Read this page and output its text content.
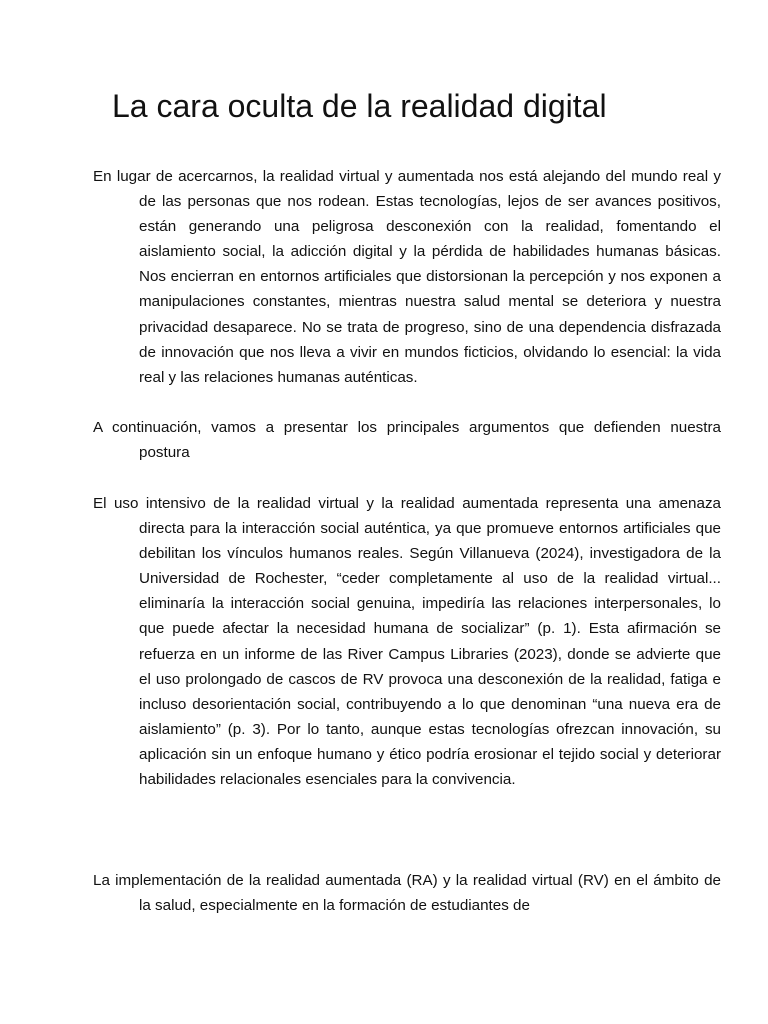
La cara oculta de la realidad digital

En lugar de acercarnos, la realidad virtual y aumentada nos está alejando del mundo real y de las personas que nos rodean. Estas tecnologías, lejos de ser avances positivos, están generando una peligrosa desconexión con la realidad, fomentando el aislamiento social, la adicción digital y la pérdida de habilidades humanas básicas. Nos encierran en entornos artificiales que distorsionan la percepción y nos exponen a manipulaciones constantes, mientras nuestra salud mental se deteriora y nuestra privacidad desaparece. No se trata de progreso, sino de una dependencia disfrazada de innovación que nos lleva a vivir en mundos ficticios, olvidando lo esencial: la vida real y las relaciones humanas auténticas.

A continuación, vamos a presentar los principales argumentos que defienden nuestra postura

El uso intensivo de la realidad virtual y la realidad aumentada representa una amenaza directa para la interacción social auténtica, ya que promueve entornos artificiales que debilitan los vínculos humanos reales. Según Villanueva (2024), investigadora de la Universidad de Rochester, “ceder completamente al uso de la realidad virtual... eliminaría la interacción social genuina, impediría las relaciones interpersonales, lo que puede afectar la necesidad humana de socializar” (p. 1). Esta afirmación se refuerza en un informe de las River Campus Libraries (2023), donde se advierte que el uso prolongado de cascos de RV provoca una desconexión de la realidad, fatiga e incluso desorientación social, contribuyendo a lo que denominan “una nueva era de aislamiento” (p. 3). Por lo tanto, aunque estas tecnologías ofrezcan innovación, su aplicación sin un enfoque humano y ético podría erosionar el tejido social y deteriorar habilidades relacionales esenciales para la convivencia.

La implementación de la realidad aumentada (RA) y la realidad virtual (RV) en el ámbito de la salud, especialmente en la formación de estudiantes de
